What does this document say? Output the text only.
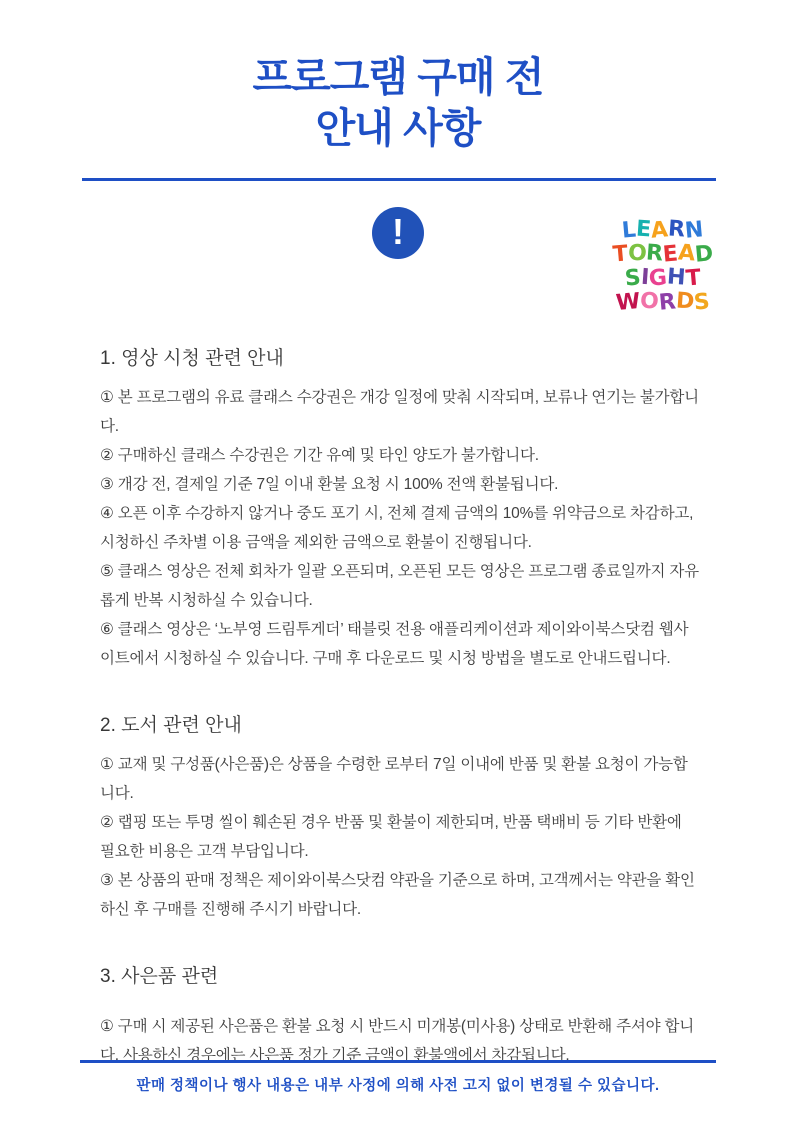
프로그램 구매 전
안내 사항
!	LEARN
TOREAD
SIGHT
WORDS
1. 영상 시청 관련 안내

① 본 프로그램의 유료 클래스 수강권은 개강 일정에 맞춰 시작되며, 보류나 연기는 불가합니다.

② 구매하신 클래스 수강권은 기간 유예 및 타인 양도가 불가합니다.

③ 개강 전, 결제일 기준 7일 이내 환불 요청 시 100% 전액 환불됩니다.

④ 오픈 이후 수강하지 않거나 중도 포기 시, 전체 결제 금액의 10%를 위약금으로 차감하고, 시청하신 주차별 이용 금액을 제외한 금액으로 환불이 진행됩니다.

⑤ 클래스 영상은 전체 회차가 일괄 오픈되며, 오픈된 모든 영상은 프로그램 종료일까지 자유롭게 반복 시청하실 수 있습니다.

⑥ 클래스 영상은 ‘노부영 드림투게더’ 태블릿 전용 애플리케이션과 제이와이북스닷컴 웹사이트에서 시청하실 수 있습니다. 구매 후 다운로드 및 시청 방법을 별도로 안내드립니다.

2. 도서 관련 안내

① 교재 및 구성품(사은품)은 상품을 수령한 로부터 7일 이내에 반품 및 환불 요청이 가능합니다.

② 랩핑 또는 투명 씰이 훼손된 경우 반품 및 환불이 제한되며, 반품 택배비 등 기타 반환에 필요한 비용은 고객 부담입니다.

③ 본 상품의 판매 정책은 제이와이북스닷컴 약관을 기준으로 하며, 고객께서는 약관을 확인하신 후 구매를 진행해 주시기 바랍니다.

3. 사은품 관련

① 구매 시 제공된 사은품은 환불 요청 시 반드시 미개봉(미사용) 상태로 반환해 주셔야 합니다. 사용하신 경우에는 사은품 정가 기준 금액이 환불액에서 차감됩니다.

판매 정책이나 행사 내용은 내부 사정에 의해 사전 고지 없이 변경될 수 있습니다.
